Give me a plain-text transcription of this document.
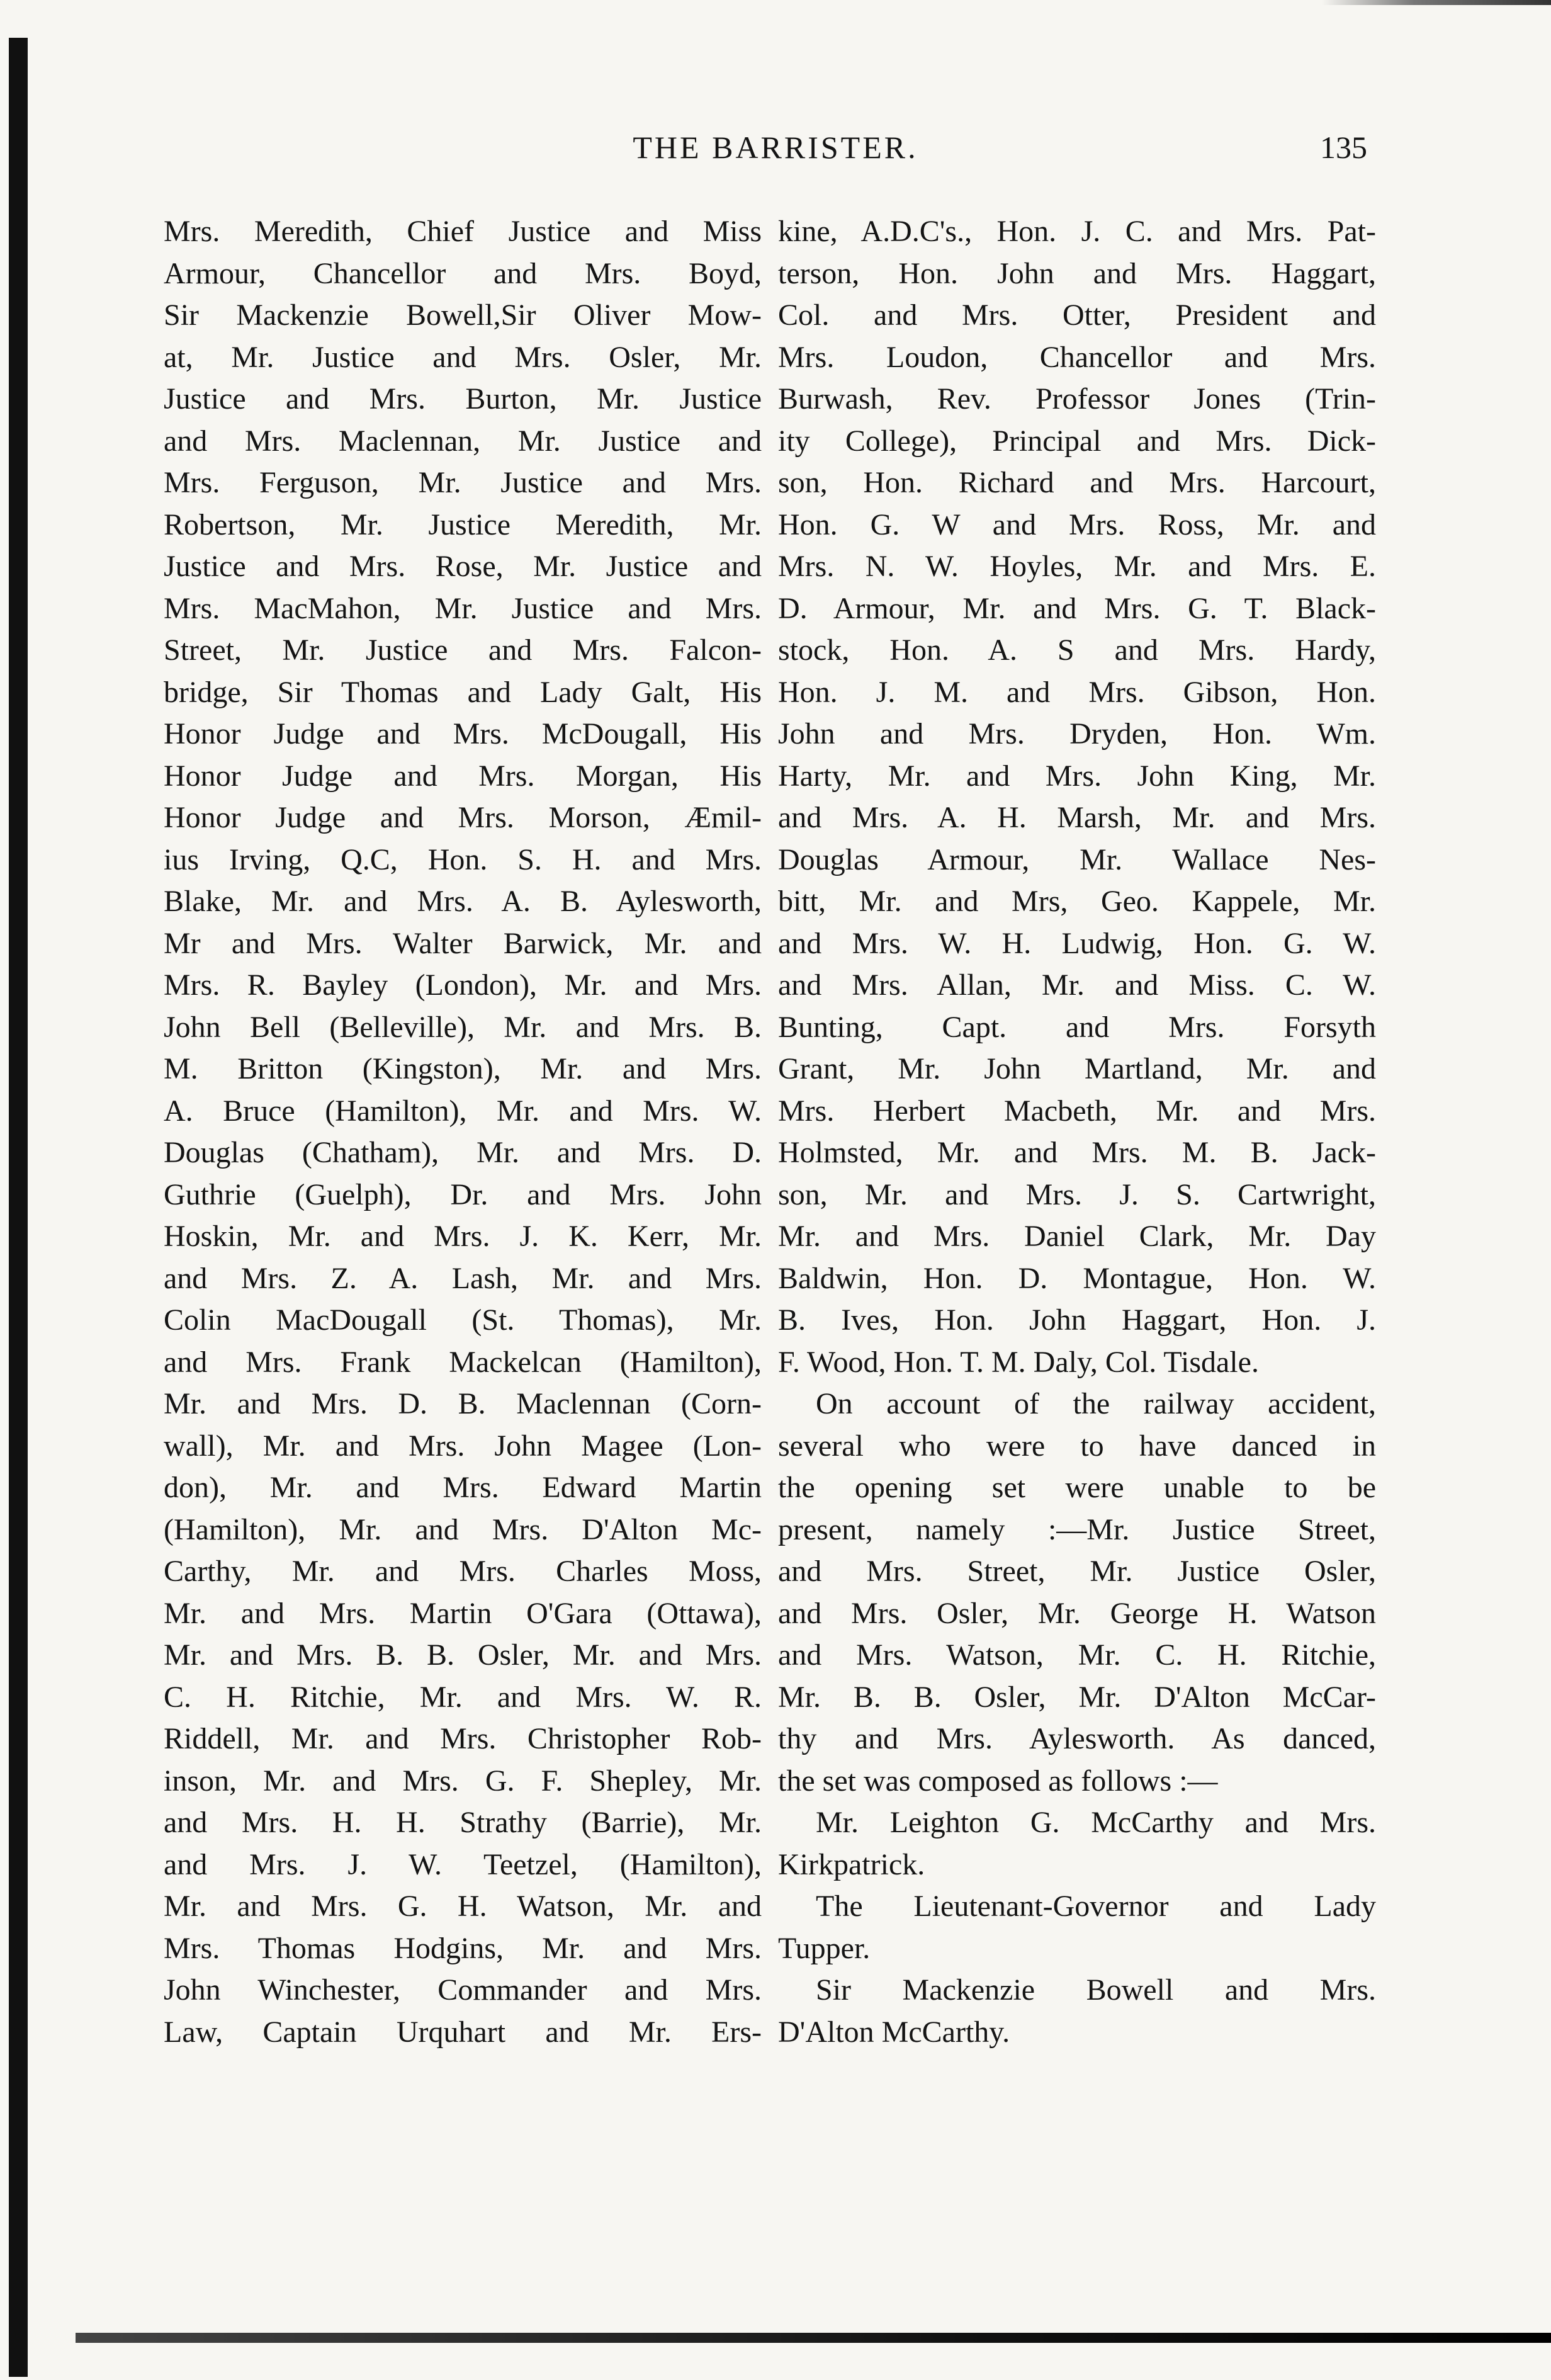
THE BARRISTER.	135
Mrs. Meredith, Chief Justice and Miss
Armour, Chancellor and Mrs. Boyd,
Sir Mackenzie Bowell,Sir Oliver Mow-
at, Mr. Justice and Mrs. Osler, Mr.
Justice and Mrs. Burton, Mr. Justice
and Mrs. Maclennan, Mr. Justice and
Mrs. Ferguson, Mr. Justice and Mrs.
Robertson, Mr. Justice Meredith, Mr.
Justice and Mrs. Rose, Mr. Justice and
Mrs. MacMahon, Mr. Justice and Mrs.
Street, Mr. Justice and Mrs. Falcon-
bridge, Sir Thomas and Lady Galt, His
Honor Judge and Mrs. McDougall, His
Honor Judge and Mrs. Morgan, His
Honor Judge and Mrs. Morson, Æmil-
ius Irving, Q.C, Hon. S. H. and Mrs.
Blake, Mr. and Mrs. A. B. Aylesworth,
Mr and Mrs. Walter Barwick, Mr. and
Mrs. R. Bayley (London), Mr. and Mrs.
John Bell (Belleville), Mr. and Mrs. B.
M. Britton (Kingston), Mr. and Mrs.
A. Bruce (Hamilton), Mr. and Mrs. W.
Douglas (Chatham), Mr. and Mrs. D.
Guthrie (Guelph), Dr. and Mrs. John
Hoskin, Mr. and Mrs. J. K. Kerr, Mr.
and Mrs. Z. A. Lash, Mr. and Mrs.
Colin MacDougall (St. Thomas), Mr.
and Mrs. Frank Mackelcan (Hamilton),
Mr. and Mrs. D. B. Maclennan (Corn-
wall), Mr. and Mrs. John Magee (Lon-
don), Mr. and Mrs. Edward Martin
(Hamilton), Mr. and Mrs. D'Alton Mc-
Carthy, Mr. and Mrs. Charles Moss,
Mr. and Mrs. Martin O'Gara (Ottawa),
Mr. and Mrs. B. B. Osler, Mr. and Mrs.
C. H. Ritchie, Mr. and Mrs. W. R.
Riddell, Mr. and Mrs. Christopher Rob-
inson, Mr. and Mrs. G. F. Shepley, Mr.
and Mrs. H. H. Strathy (Barrie), Mr.
and Mrs. J. W. Teetzel, (Hamilton),
Mr. and Mrs. G. H. Watson, Mr. and
Mrs. Thomas Hodgins, Mr. and Mrs.
John Winchester, Commander and Mrs.
Law, Captain Urquhart and Mr. Ers-
kine, A.D.C's., Hon. J. C. and Mrs. Pat-
terson, Hon. John and Mrs. Haggart,
Col. and Mrs. Otter, President and
Mrs. Loudon, Chancellor and Mrs.
Burwash, Rev. Professor Jones (Trin-
ity College), Principal and Mrs. Dick-
son, Hon. Richard and Mrs. Harcourt,
Hon. G. W and Mrs. Ross, Mr. and
Mrs. N. W. Hoyles, Mr. and Mrs. E.
D. Armour, Mr. and Mrs. G. T. Black-
stock, Hon. A. S and Mrs. Hardy,
Hon. J. M. and Mrs. Gibson, Hon.
John and Mrs. Dryden, Hon. Wm.
Harty, Mr. and Mrs. John King, Mr.
and Mrs. A. H. Marsh, Mr. and Mrs.
Douglas Armour, Mr. Wallace Nes-
bitt, Mr. and Mrs, Geo. Kappele, Mr.
and Mrs. W. H. Ludwig, Hon. G. W.
and Mrs. Allan, Mr. and Miss. C. W.
Bunting, Capt. and Mrs. Forsyth
Grant, Mr. John Martland, Mr. and
Mrs. Herbert Macbeth, Mr. and Mrs.
Holmsted, Mr. and Mrs. M. B. Jack-
son, Mr. and Mrs. J. S. Cartwright,
Mr. and Mrs. Daniel Clark, Mr. Day
Baldwin, Hon. D. Montague, Hon. W.
B. Ives, Hon. John Haggart, Hon. J.
F. Wood, Hon. T. M. Daly, Col. Tisdale.
On account of the railway accident,
several who were to have danced in
the opening set were unable to be
present, namely :—Mr. Justice Street,
and Mrs. Street, Mr. Justice Osler,
and Mrs. Osler, Mr. George H. Watson
and Mrs. Watson, Mr. C. H. Ritchie,
Mr. B. B. Osler, Mr. D'Alton McCar-
thy and Mrs. Aylesworth. As danced,
the set was composed as follows :—
Mr. Leighton G. McCarthy and Mrs.
Kirkpatrick.
The Lieutenant-Governor and Lady
Tupper.
Sir Mackenzie Bowell and Mrs.
D'Alton McCarthy.
